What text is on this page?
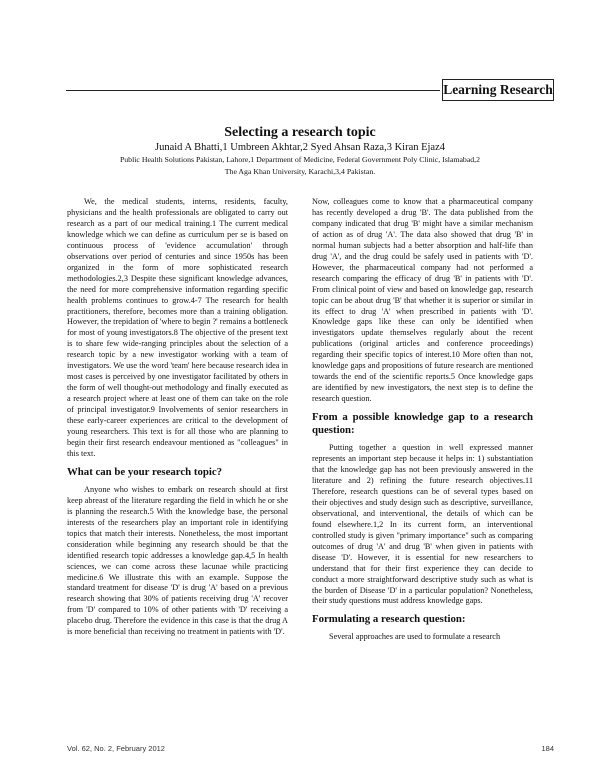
Learning Research
Selecting a research topic
Junaid A Bhatti,1 Umbreen Akhtar,2 Syed Ahsan Raza,3 Kiran Ejaz4
Public Health Solutions Pakistan, Lahore,1 Department of Medicine, Federal Government Poly Clinic, Islamabad,2
The Aga Khan University, Karachi,3,4 Pakistan.

We, the medical students, interns, residents, faculty, physicians and the health professionals are obligated to carry out research as a part of our medical training.1 The current medical knowledge which we can define as curriculum per se is based on continuous process of 'evidence accumulation' through observations over period of centuries and since 1950s has been organized in the form of more sophisticated research methodologies.2,3 Despite these significant knowledge advances, the need for more comprehensive information regarding specific health problems continues to grow.4-7 The research for health practitioners, therefore, becomes more than a training obligation. However, the trepidation of 'where to begin ?' remains a bottleneck for most of young investigators.8 The objective of the present text is to share few wide-ranging principles about the selection of a research topic by a new investigator working with a team of investigators. We use the word 'team' here because research idea in most cases is perceived by one investigator facilitated by others in the form of well thought-out methodology and finally executed as a research project where at least one of them can take on the role of principal investigator.9 Involvements of senior researchers in these early-career experiences are critical to the development of young researchers. This text is for all those who are planning to begin their first research endeavour mentioned as "colleagues" in this text.

What can be your research topic?

Anyone who wishes to embark on research should at first keep abreast of the literature regarding the field in which he or she is planning the research.5 With the knowledge base, the personal interests of the researchers play an important role in identifying topics that match their interests. Nonetheless, the most important consideration while beginning any research should be that the identified research topic addresses a knowledge gap.4,5 In health sciences, we can come across these lacunae while practicing medicine.6 We illustrate this with an example. Suppose the standard treatment for disease 'D' is drug 'A' based on a previous research showing that 30% of patients receiving drug 'A' recover from 'D' compared to 10% of other patients with 'D' receiving a placebo drug. Therefore the evidence in this case is that the drug A is more beneficial than receiving no treatment in patients with 'D'.

Now, colleagues come to know that a pharmaceutical company has recently developed a drug 'B'. The data published from the company indicated that drug 'B' might have a similar mechanism of action as of drug 'A'. The data also showed that drug 'B' in normal human subjects had a better absorption and half-life than drug 'A', and the drug could be safely used in patients with 'D'. However, the pharmaceutical company had not performed a research comparing the efficacy of drug 'B' in patients with 'D'. From clinical point of view and based on knowledge gap, research topic can be about drug 'B' that whether it is superior or similar in its effect to drug 'A' when prescribed in patients with 'D'. Knowledge gaps like these can only be identified when investigators update themselves regularly about the recent publications (original articles and conference proceedings) regarding their specific topics of interest.10 More often than not, knowledge gaps and propositions of future research are mentioned towards the end of the scientific reports.5 Once knowledge gaps are identified by new investigators, the next step is to define the research question.

From a possible knowledge gap to a research question:

Putting together a question in well expressed manner represents an important step because it helps in: 1) substantiation that the knowledge gap has not been previously answered in the literature and 2) refining the future research objectives.11 Therefore, research questions can be of several types based on their objectives and study design such as descriptive, surveillance, observational, and interventional, the details of which can be found elsewhere.1,2 In its current form, an interventional controlled study is given "primary importance" such as comparing outcomes of drug 'A' and drug 'B' when given in patients with disease 'D'. However, it is essential for new researchers to understand that for their first experience they can decide to conduct a more straightforward descriptive study such as what is the burden of Disease 'D' in a particular population? Nonetheless, their study questions must address knowledge gaps.

Formulating a research question:

Several approaches are used to formulate a research

Vol. 62, No. 2, February 2012	184
